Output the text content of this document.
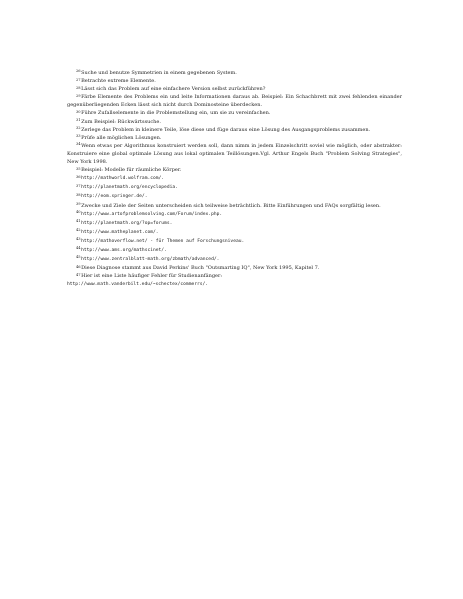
$^{26}$Suche und benutze Symmetrien in einem gegebenen System.

$^{27}$Betrachte extreme Elemente.

$^{28}$Lässt sich das Problem auf eine einfachere Version selbst zurückführen?

$^{29}$Färbe Elemente des Problems ein und leite Informationen daraus ab. Beispiel: Ein Schachbrett mit zwei fehlenden einander gegenüberliegenden Ecken lässt sich nicht durch Dominosteine überdecken.

$^{30}$Führe Zufallselemente in die Problemstellung ein, um sie zu vereinfachen.

$^{31}$Zum Beispiel: Rückwärtssuche.

$^{32}$Zerlege das Problem in kleinere Teile, löse diese und füge daraus eine Lösung des Ausgangsproblems zusammen.

$^{33}$Prüfe alle möglichen Lösungen.

$^{34}$Wenn etwas per Algorithmus konstruiert werden soll, dann nimm in jedem Einzelschritt soviel wie möglich, oder abstrakter: Konstruiere eine global optimale Lösung aus lokal optimalen Teillösungen.Vgl. Arthur Engels Buch "Problem Solving Strategies", New York 1998.

$^{35}$Beispiel: Modelle für räumliche Körper.

$^{36}$http://mathworld.wolfram.com/.

$^{37}$http://planetmath.org/encyclopedia.

$^{38}$http://eom.springer.de/.

$^{39}$Zwecke und Ziele der Seiten unterscheiden sich teilweise beträchtlich. Bitte Einführungen und FAQs sorgfältig lesen.

$^{40}$http://www.artofproblemsolving.com/Forum/index.php.

$^{41}$http://planetmath.org/?op=forums.

$^{42}$http://www.matheplanet.com/.

$^{43}$http://mathoverflow.net/ - für Themen auf Forschungsniveau.

$^{44}$http://www.ams.org/mathscinet/.

$^{45}$http://www.zentralblatt-math.org/zbmath/advanced/.

$^{46}$Diese Diagnose stammt aus David Perkins' Buch "Outsmarting IQ", New York 1995, Kapitel 7.

$^{47}$Hier ist eine Liste häufiger Fehler für Studienanfänger:

http://www.math.vanderbilt.edu/~schectex/commerrs/.
